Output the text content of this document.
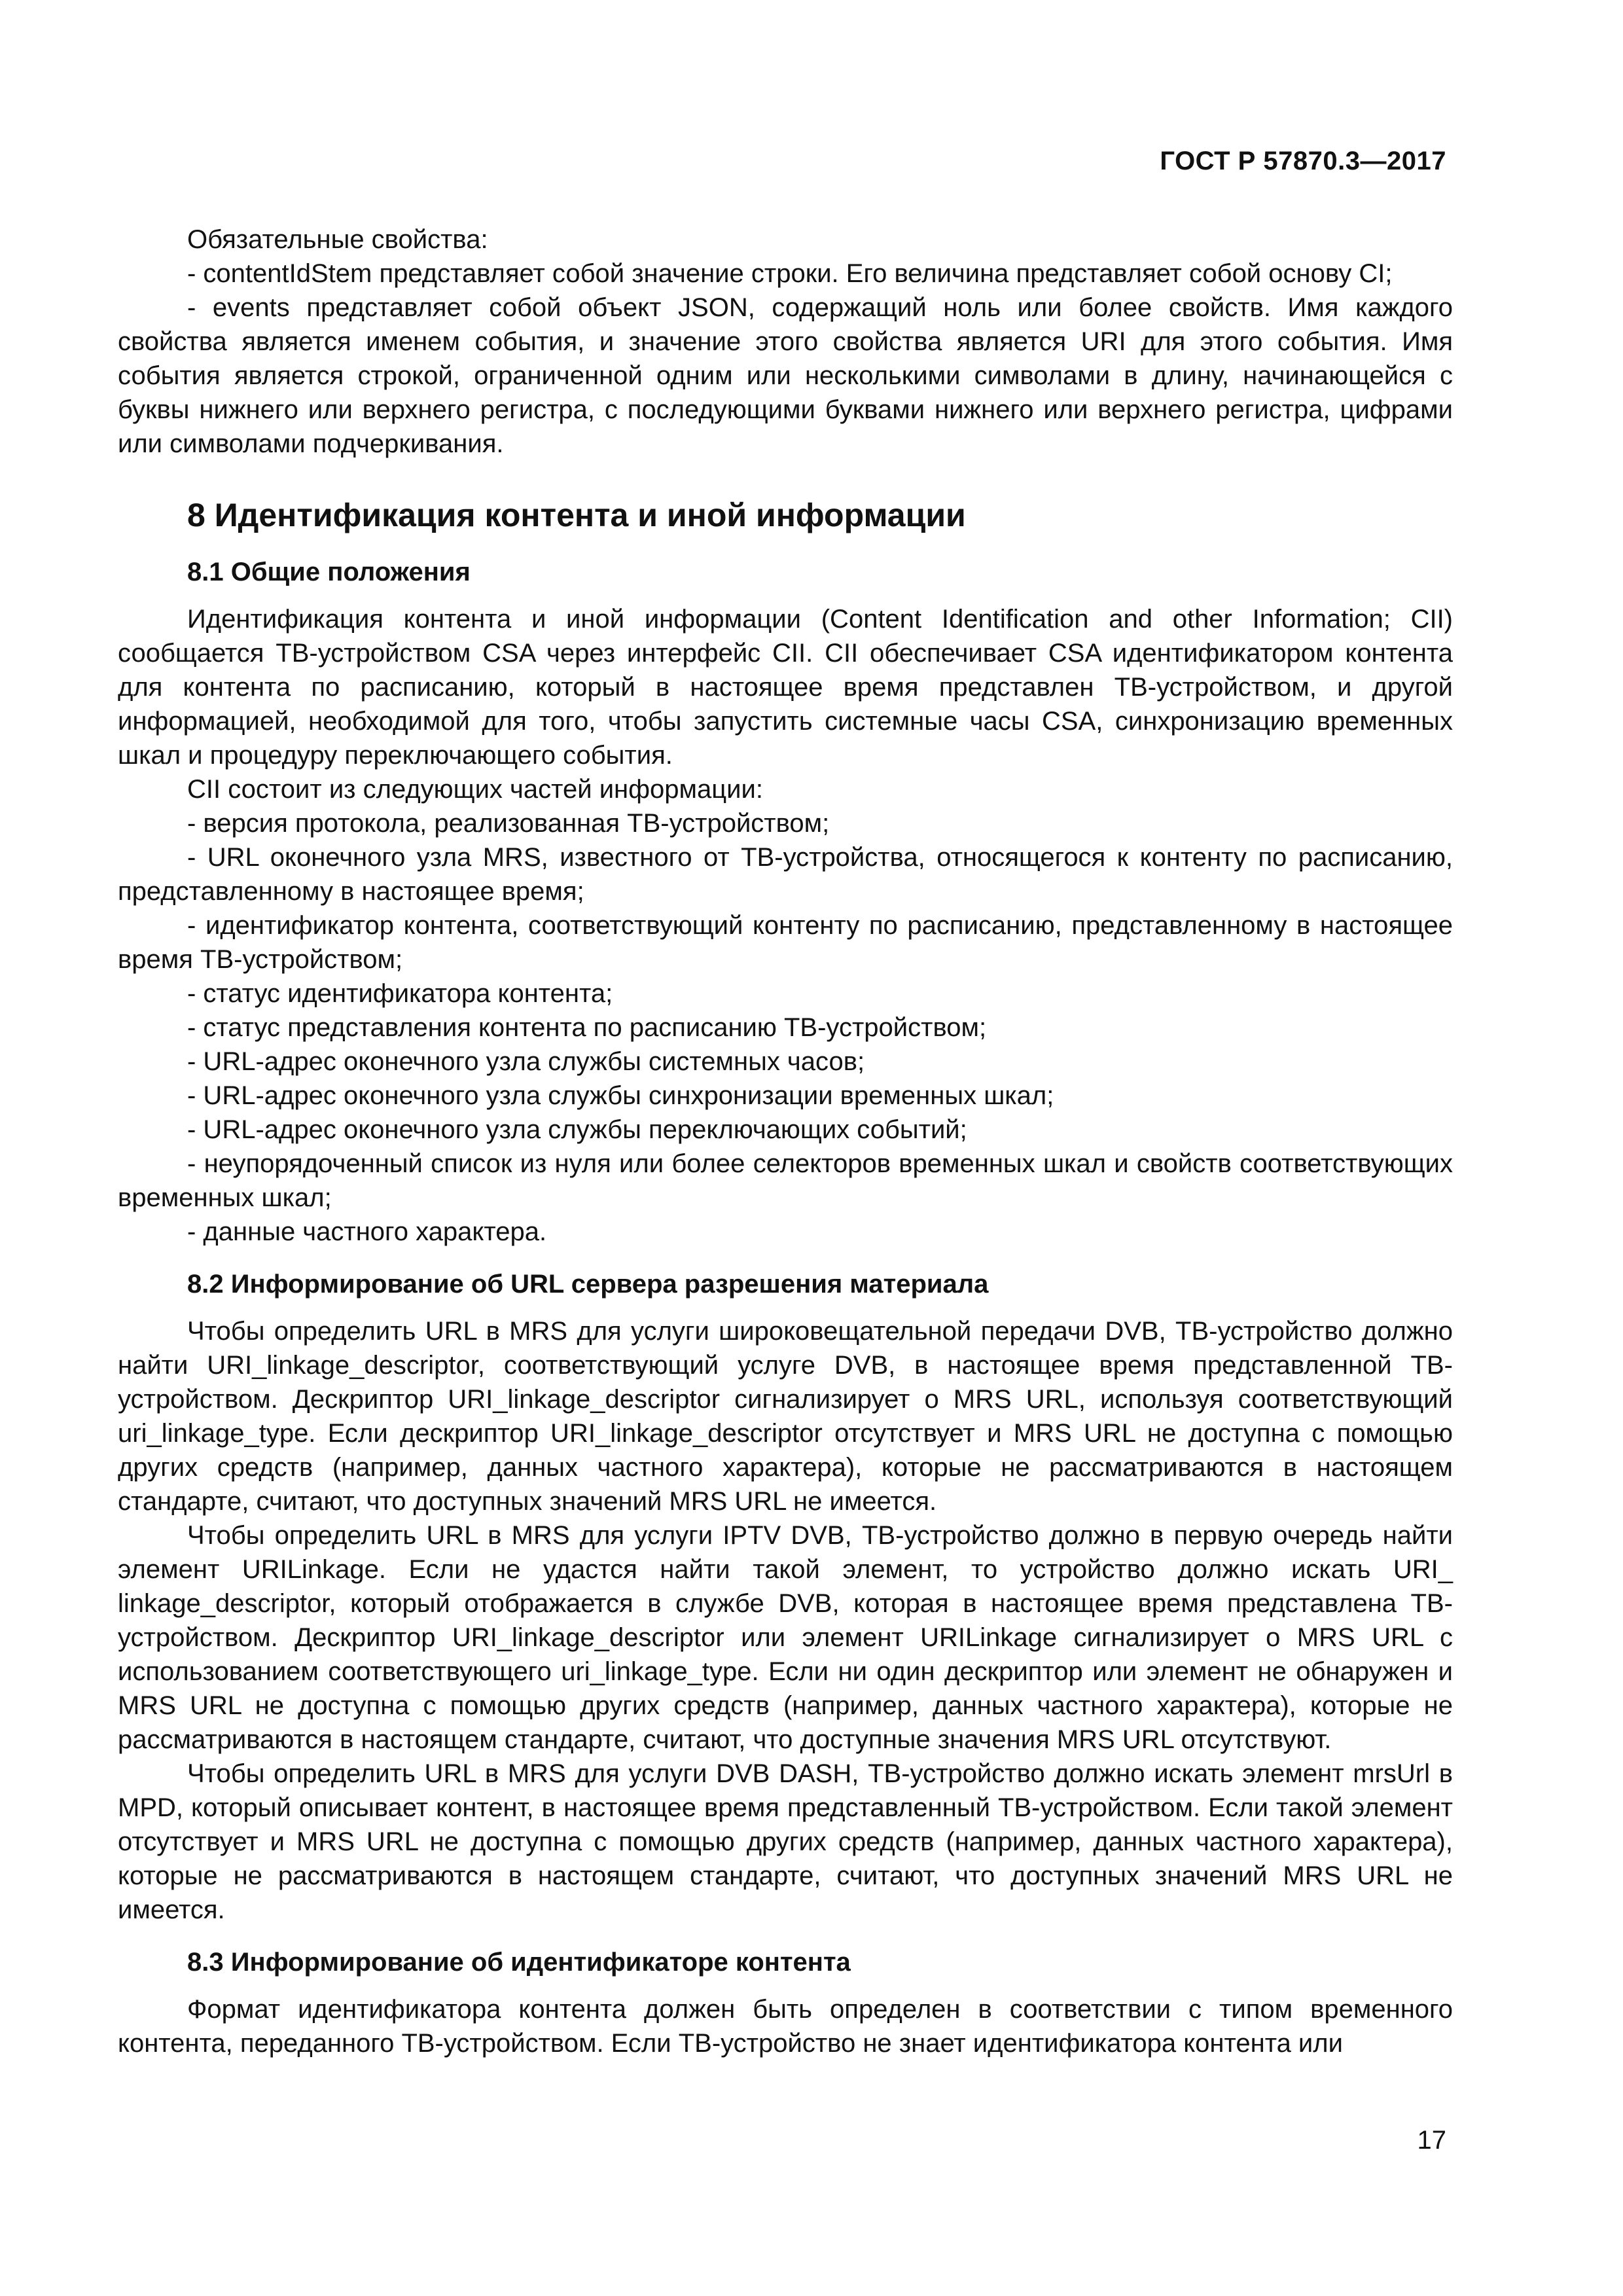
ГОСТ Р 57870.3—2017

Обязательные свойства:

- contentIdStem представляет собой значение строки. Его величина представляет собой основу CI;

- events представляет собой объект JSON, содержащий ноль или более свойств. Имя каждого свойства является именем события, и значение этого свойства является URI для этого события. Имя события является строкой, ограниченной одним или несколькими символами в длину, начинающейся с буквы нижнего или верхнего регистра, с последующими буквами нижнего или верхнего регистра, цифрами или символами подчеркивания.

8 Идентификация контента и иной информации
8.1 Общие положения

Идентификация контента и иной информации (Content Identification and other Information; CII) сообщается ТВ-устройством CSA через интерфейс CII. CII обеспечивает CSA идентификатором контента для контента по расписанию, который в настоящее время представлен ТВ-устройством, и другой информацией, необходимой для того, чтобы запустить системные часы CSA, синхронизацию временных шкал и процедуру переключающего события.

CII состоит из следующих частей информации:

- версия протокола, реализованная ТВ-устройством;

- URL оконечного узла MRS, известного от ТВ-устройства, относящегося к контенту по расписанию, представленному в настоящее время;

- идентификатор контента, соответствующий контенту по расписанию, представленному в настоящее время ТВ-устройством;

- статус идентификатора контента;

- статус представления контента по расписанию ТВ-устройством;

- URL-адрес оконечного узла службы системных часов;

- URL-адрес оконечного узла службы синхронизации временных шкал;

- URL-адрес оконечного узла службы переключающих событий;

- неупорядоченный список из нуля или более селекторов временных шкал и свойств соответствующих временных шкал;

- данные частного характера.

8.2 Информирование об URL сервера разрешения материала

Чтобы определить URL в MRS для услуги широковещательной передачи DVB, ТВ-устройство должно найти URI_linkage_descriptor, соответствующий услуге DVB, в настоящее время представленной ТВ-устройством. Дескриптор URI_linkage_descriptor сигнализирует о MRS URL, используя соответствующий uri_linkage_type. Если дескриптор URI_linkage_descriptor отсутствует и MRS URL не доступна с помощью других средств (например, данных частного характера), которые не рассматриваются в настоящем стандарте, считают, что доступных значений MRS URL не имеется.

Чтобы определить URL в MRS для услуги IPTV DVB, ТВ-устройство должно в первую очередь найти элемент URILinkage. Если не удастся найти такой элемент, то устройство должно искать URI_ linkage_descriptor, который отображается в службе DVB, которая в настоящее время представлена ТВ-устройством. Дескриптор URI_linkage_descriptor или элемент URILinkage сигнализирует о MRS URL с использованием соответствующего uri_linkage_type. Если ни один дескриптор или элемент не обнаружен и MRS URL не доступна с помощью других средств (например, данных частного характера), которые не рассматриваются в настоящем стандарте, считают, что доступные значения MRS URL отсутствуют.

Чтобы определить URL в MRS для услуги DVB DASH, ТВ-устройство должно искать элемент mrsUrl в MPD, который описывает контент, в настоящее время представленный ТВ-устройством. Если такой элемент отсутствует и MRS URL не доступна с помощью других средств (например, данных частного характера), которые не рассматриваются в настоящем стандарте, считают, что доступных значений MRS URL не имеется.

8.3 Информирование об идентификаторе контента

Формат идентификатора контента должен быть определен в соответствии с типом временного контента, переданного ТВ-устройством. Если ТВ-устройство не знает идентификатора контента или

17
